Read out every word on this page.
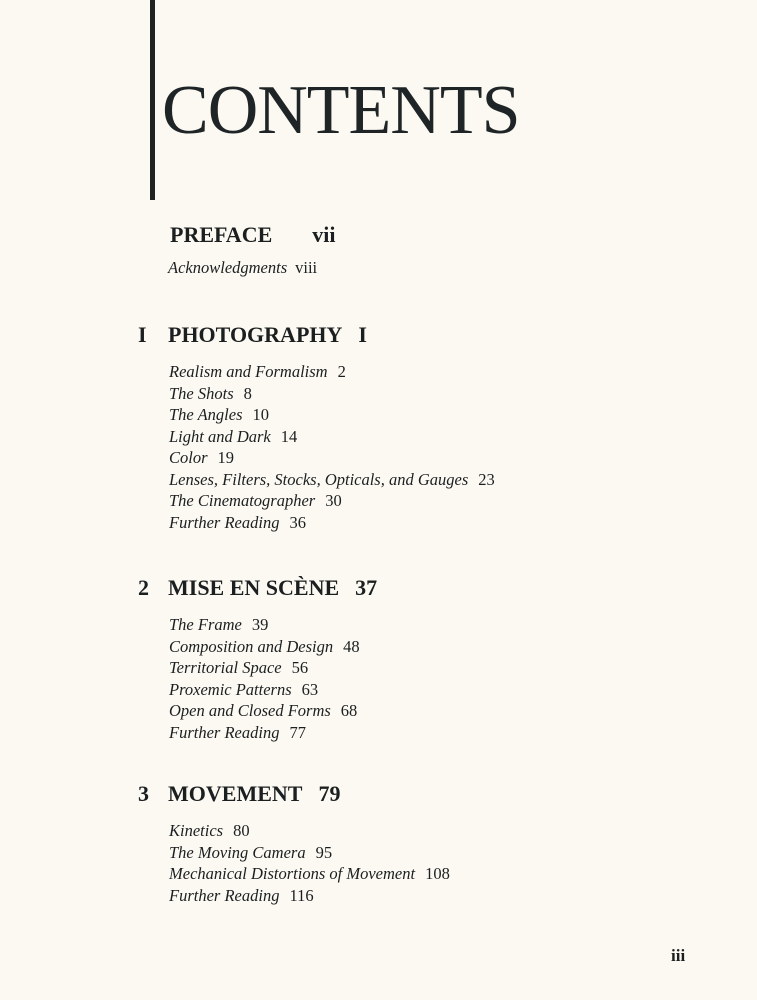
CONTENTS
PREFACE vii
Acknowledgments viii
I PHOTOGRAPHY I
Realism and Formalism 2
The Shots 8
The Angles 10
Light and Dark 14
Color 19
Lenses, Filters, Stocks, Opticals, and Gauges 23
The Cinematographer 30
Further Reading 36
2 MISE EN SCÈNE 37
The Frame 39
Composition and Design 48
Territorial Space 56
Proxemic Patterns 63
Open and Closed Forms 68
Further Reading 77
3 MOVEMENT 79
Kinetics 80
The Moving Camera 95
Mechanical Distortions of Movement 108
Further Reading 116
iii
